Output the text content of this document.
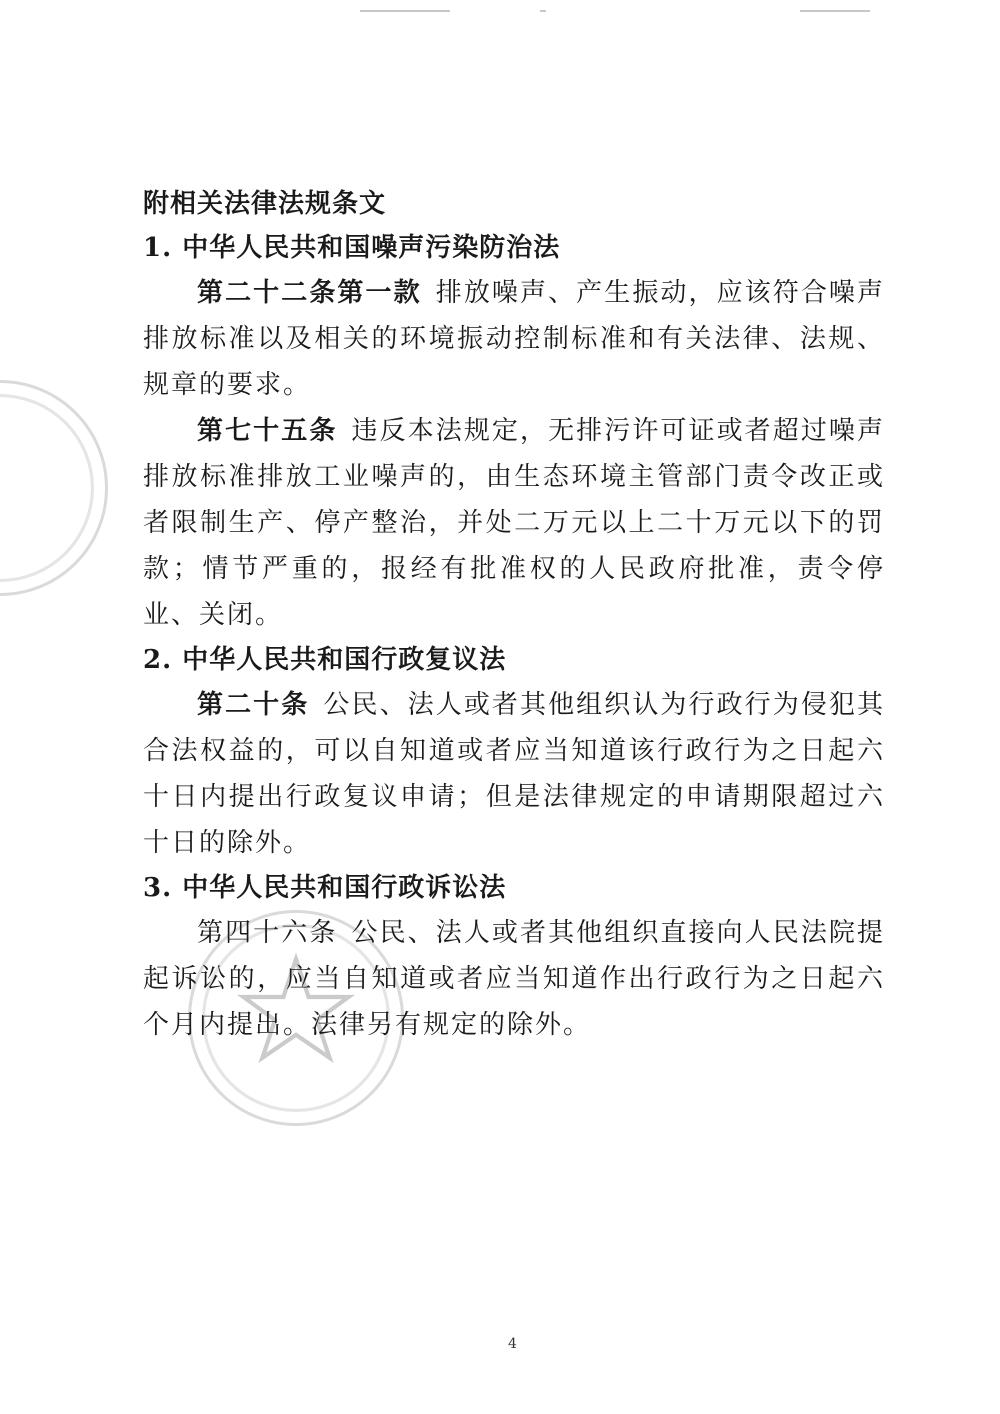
附相关法律法规条文

1. 中华人民共和国噪声污染防治法

第二十二条第一款 排放噪声、产生振动，应该符合噪声排放标准以及相关的环境振动控制标准和有关法律、法规、规章的要求。

第七十五条 违反本法规定，无排污许可证或者超过噪声排放标准排放工业噪声的，由生态环境主管部门责令改正或者限制生产、停产整治，并处二万元以上二十万元以下的罚款；情节严重的，报经有批准权的人民政府批准，责令停业、关闭。

2. 中华人民共和国行政复议法

第二十条 公民、法人或者其他组织认为行政行为侵犯其合法权益的，可以自知道或者应当知道该行政行为之日起六十日内提出行政复议申请；但是法律规定的申请期限超过六十日的除外。

3. 中华人民共和国行政诉讼法

第四十六条 公民、法人或者其他组织直接向人民法院提起诉讼的，应当自知道或者应当知道作出行政行为之日起六个月内提出。法律另有规定的除外。

4
